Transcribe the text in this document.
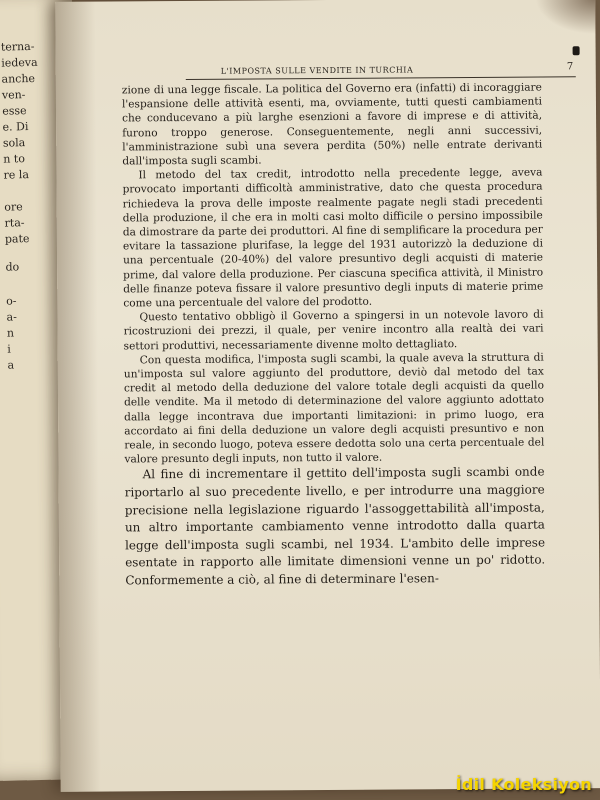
terna-
iedeva
anche
ven-
esse
e. Di
sola
n to
re la
ore
rta-
pate
do
o-
a-
n
i
a
L'IMPOSTA SULLE VENDITE IN TURCHIA	7

zione di una legge fiscale. La politica del Governo era (infatti) di incoraggiare l'espansione delle attività esenti, ma, ovviamente, tutti questi cambiamenti che conducevano a più larghe esenzioni a favore di imprese e di attività, furono troppo generose. Conseguentemente, negli anni successivi, l'amministrazione subì una severa perdita (50%) nelle entrate derivanti dall'imposta sugli scambi.

Il metodo del tax credit, introdotto nella precedente legge, aveva provocato importanti difficoltà amministrative, dato che questa procedura richiedeva la prova delle imposte realmente pagate negli stadi precedenti della produzione, il che era in molti casi molto difficile o persino impossibile da dimostrare da parte dei produttori. Al fine di semplificare la procedura per evitare la tassazione plurifase, la legge del 1931 autorizzò la deduzione di una percentuale (20-40%) del valore presuntivo degli acquisti di materie prime, dal valore della produzione. Per ciascuna specifica attività, il Ministro delle finanze poteva fissare il valore presuntivo degli inputs di materie prime come una percentuale del valore del prodotto.

Questo tentativo obbligò il Governo a spingersi in un notevole lavoro di ricostruzioni dei prezzi, il quale, per venire incontro alla realtà dei vari settori produttivi, necessariamente divenne molto dettagliato.

Con questa modifica, l'imposta sugli scambi, la quale aveva la struttura di un'imposta sul valore aggiunto del produttore, deviò dal metodo del tax credit al metodo della deduzione del valore totale degli acquisti da quello delle vendite. Ma il metodo di determinazione del valore aggiunto adottato dalla legge incontrava due importanti limitazioni: in primo luogo, era accordato ai fini della deduzione un valore degli acquisti presuntivo e non reale, in secondo luogo, poteva essere dedotta solo una certa percentuale del valore presunto degli inputs, non tutto il valore.

Al fine di incrementare il gettito dell'imposta sugli scambi onde riportarlo al suo precedente livello, e per introdurre una maggiore precisione nella legislazione riguardo l'assoggettabilità all'imposta, un altro importante cambiamento venne introdotto dalla quarta legge dell'imposta sugli scambi, nel 1934. L'ambito delle imprese esentate in rapporto alle limitate dimensioni venne un po' ridotto. Conformemente a ciò, al fine di determinare l'esen-

İdil Koleksiyon
